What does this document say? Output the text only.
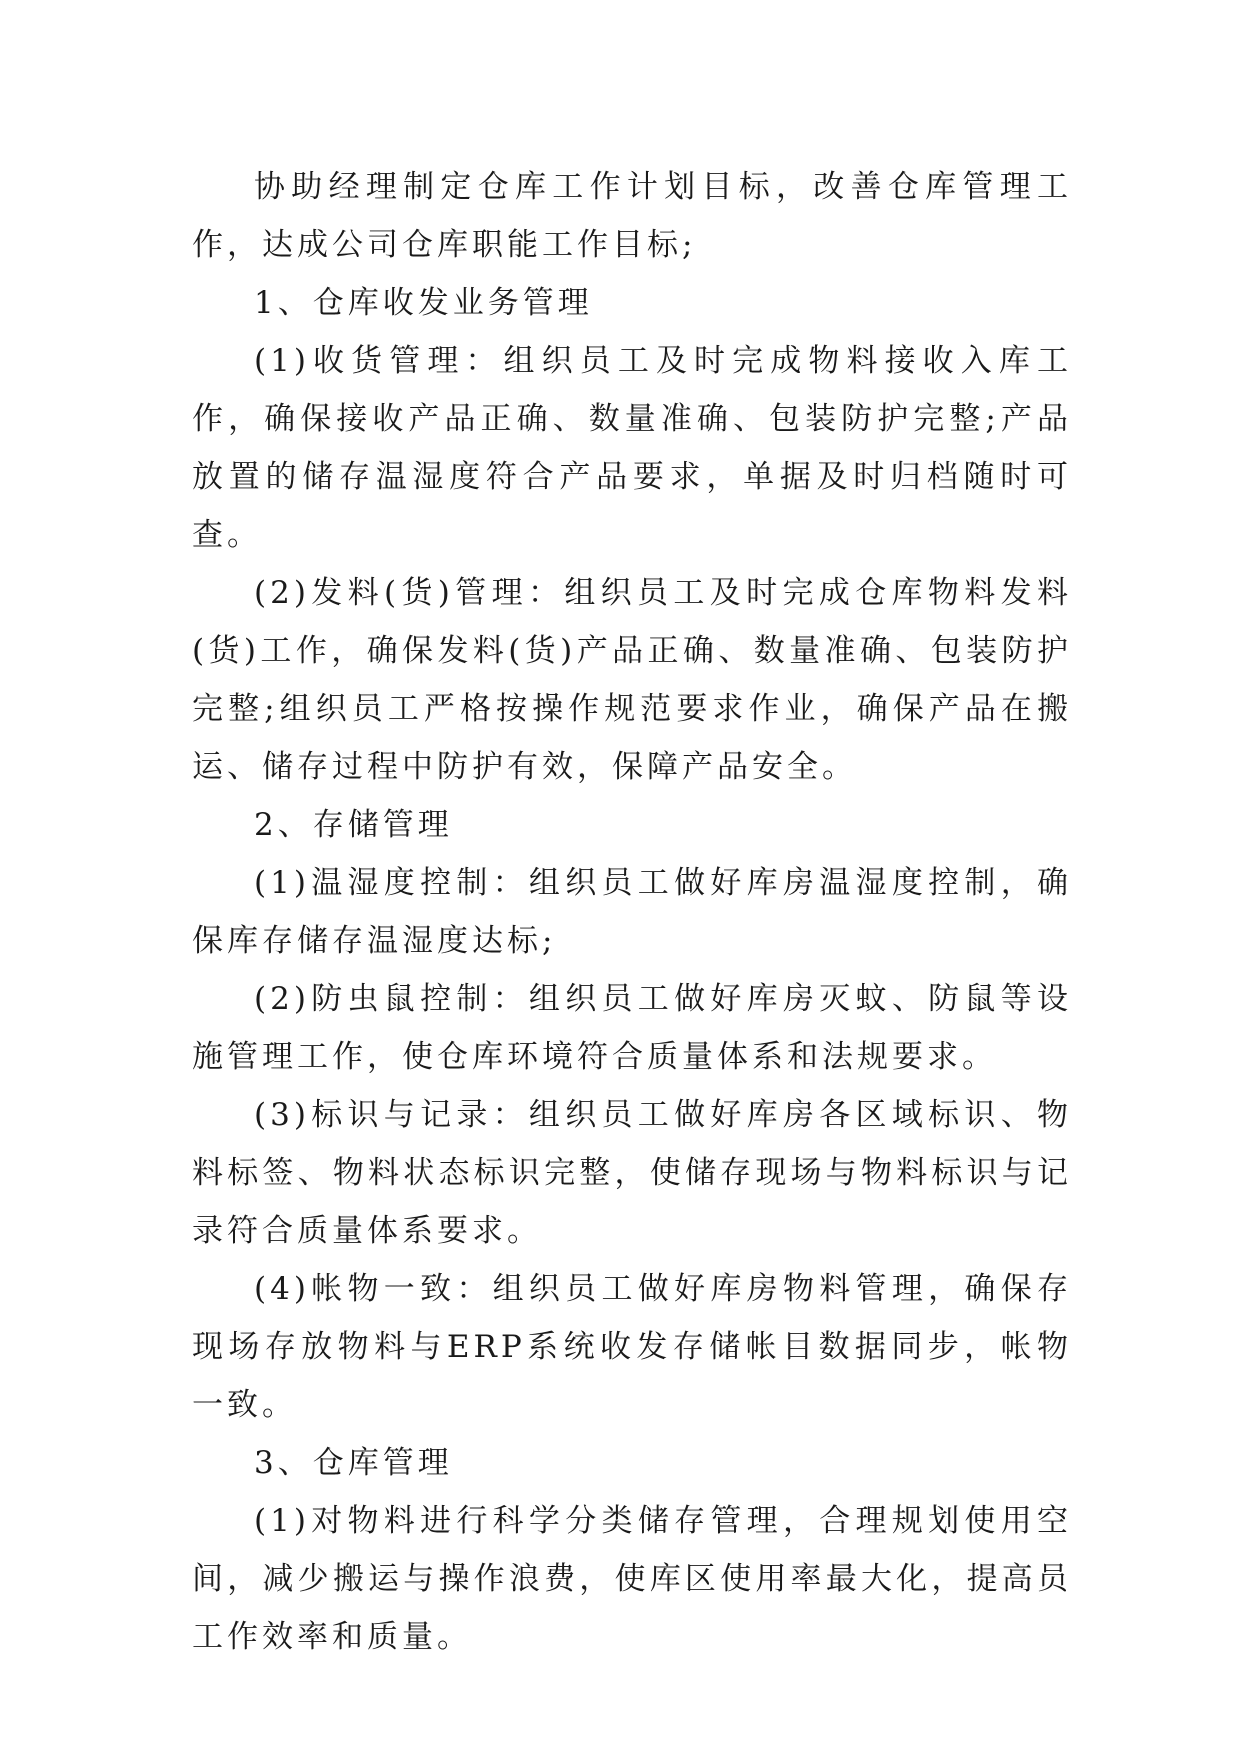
协助经理制定仓库工作计划目标，改善仓库管理工作，达成公司仓库职能工作目标;

1、仓库收发业务管理

(1)收货管理：组织员工及时完成物料接收入库工作，确保接收产品正确、数量准确、包装防护完整;产品放置的储存温湿度符合产品要求，单据及时归档随时可查。

(2)发料(货)管理：组织员工及时完成仓库物料发料(货)工作，确保发料(货)产品正确、数量准确、包装防护完整;组织员工严格按操作规范要求作业，确保产品在搬运、储存过程中防护有效，保障产品安全。

2、存储管理

(1)温湿度控制：组织员工做好库房温湿度控制，确保库存储存温湿度达标;

(2)防虫鼠控制：组织员工做好库房灭蚊、防鼠等设施管理工作，使仓库环境符合质量体系和法规要求。

(3)标识与记录：组织员工做好库房各区域标识、物料标签、物料状态标识完整，使储存现场与物料标识与记录符合质量体系要求。

(4)帐物一致：组织员工做好库房物料管理，确保存现场存放物料与ERP系统收发存储帐目数据同步，帐物一致。

3、仓库管理

(1)对物料进行科学分类储存管理，合理规划使用空间，减少搬运与操作浪费，使库区使用率最大化，提高员工作效率和质量。
